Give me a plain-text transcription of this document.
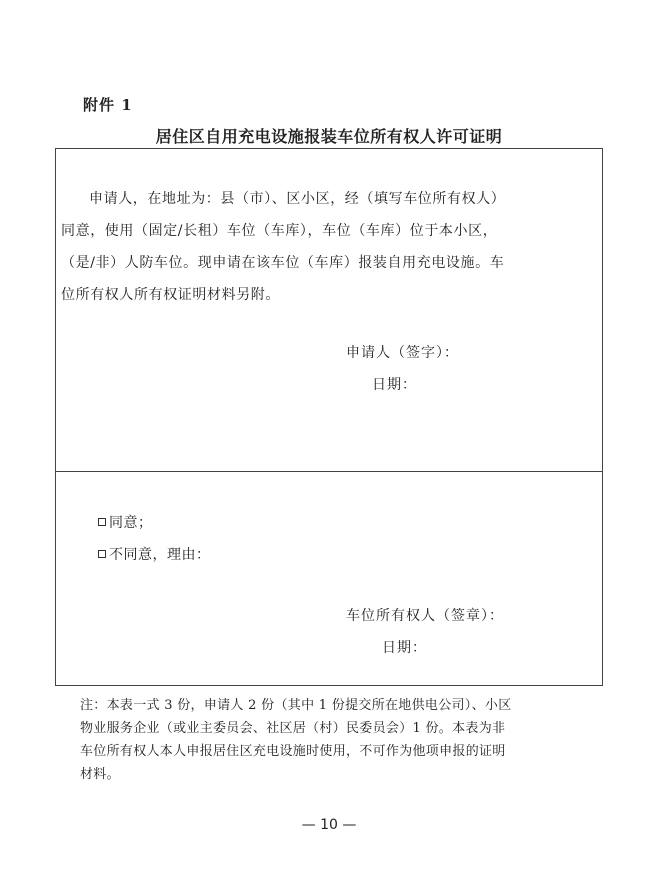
附件 1
居住区自用充电设施报装车位所有权人许可证明
申请人，在地址为：县（市）、区小区，经（填写车位所有权人）
同意，使用（固定/长租）车位（车库），车位（车库）位于本小区，
（是/非）人防车位。现申请在该车位（车库）报装自用充电设施。车
位所有权人所有权证明材料另附。
申请人（签字）：
日期：
同意；
不同意，理由：
车位所有权人（签章）：
日期：
注：本表一式 3 份，申请人 2 份（其中 1 份提交所在地供电公司）、小区
物业服务企业（或业主委员会、社区居（村）民委员会）1 份。本表为非
车位所有权人本人申报居住区充电设施时使用，不可作为他项申报的证明
材料。
— 10 —
